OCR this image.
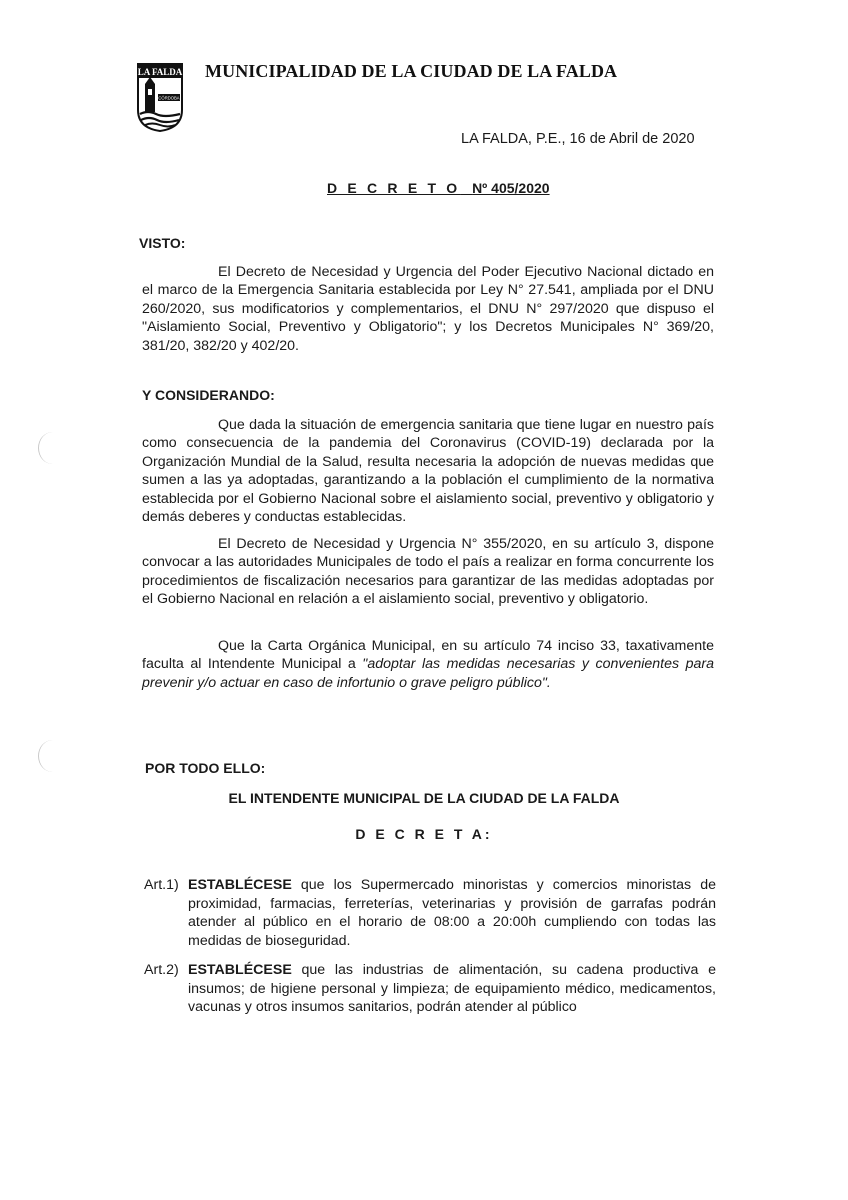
LA FALDA
CÓRDOBA
MUNICIPALIDAD DE LA CIUDAD DE LA FALDA
LA FALDA, P.E., 16 de Abril de 2020
D E C R E T O Nº 405/2020
VISTO:
El Decreto de Necesidad y Urgencia del Poder Ejecutivo Nacional dictado en el marco de la Emergencia Sanitaria establecida por Ley N° 27.541, ampliada por el DNU 260/2020, sus modificatorios y complementarios, el DNU N° 297/2020 que dispuso el "Aislamiento Social, Preventivo y Obligatorio"; y los Decretos Municipales N° 369/20, 381/20, 382/20 y 402/20.
Y CONSIDERANDO:
Que dada la situación de emergencia sanitaria que tiene lugar en nuestro país como consecuencia de la pandemia del Coronavirus (COVID-19) declarada por la Organización Mundial de la Salud, resulta necesaria la adopción de nuevas medidas que sumen a las ya adoptadas, garantizando a la población el cumplimiento de la normativa establecida por el Gobierno Nacional sobre el aislamiento social, preventivo y obligatorio y demás deberes y conductas establecidas.
El Decreto de Necesidad y Urgencia N° 355/2020, en su artículo 3, dispone convocar a las autoridades Municipales de todo el país a realizar en forma concurrente los procedimientos de fiscalización necesarios para garantizar de las medidas adoptadas por el Gobierno Nacional en relación a el aislamiento social, preventivo y obligatorio.
Que la Carta Orgánica Municipal, en su artículo 74 inciso 33, taxativamente faculta al Intendente Municipal a "adoptar las medidas necesarias y convenientes para prevenir y/o actuar en caso de infortunio o grave peligro público".
POR TODO ELLO:
EL INTENDENTE MUNICIPAL DE LA CIUDAD DE LA FALDA
D E C R E T A:
Art.1) ESTABLÉCESE que los Supermercado minoristas y comercios minoristas de proximidad, farmacias, ferreterías, veterinarias y provisión de garrafas podrán atender al público en el horario de 08:00 a 20:00h cumpliendo con todas las medidas de bioseguridad.
Art.2) ESTABLÉCESE que las industrias de alimentación, su cadena productiva e insumos; de higiene personal y limpieza; de equipamiento médico, medicamentos, vacunas y otros insumos sanitarios, podrán atender al público
